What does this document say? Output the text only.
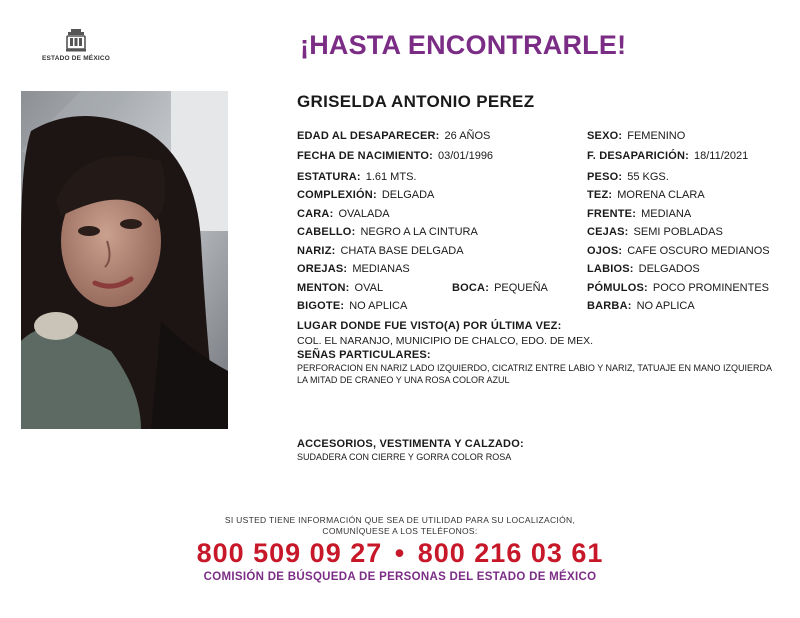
ESTADO DE MÉXICO	¡HASTA ENCONTRARLE!
GRISELDA ANTONIO PEREZ
EDAD AL DESAPARECER: 26 AÑOS	SEXO: FEMENINO
FECHA DE NACIMIENTO: 03/01/1996	F. DESAPARICIÓN: 18/11/2021
ESTATURA: 1.61 MTS.	PESO: 55 KGS.
COMPLEXIÓN: DELGADA	TEZ: MORENA CLARA
CARA: OVALADA	FRENTE: MEDIANA
CABELLO: NEGRO A LA CINTURA	CEJAS: SEMI POBLADAS
NARIZ: CHATA BASE DELGADA	OJOS: CAFE OSCURO MEDIANOS
OREJAS: MEDIANAS	LABIOS: DELGADOS
MENTON: OVAL	BOCA: PEQUEÑA	PÓMULOS: POCO PROMINENTES
BIGOTE: NO APLICA	BARBA: NO APLICA
LUGAR DONDE FUE VISTO(A) POR ÚLTIMA VEZ:
COL. EL NARANJO, MUNICIPIO DE CHALCO, EDO. DE MEX.
SEÑAS PARTICULARES:
PERFORACION EN NARIZ LADO IZQUIERDO, CICATRIZ ENTRE LABIO Y NARIZ, TATUAJE EN MANO IZQUIERDA
LA MITAD DE CRANEO Y UNA ROSA COLOR AZUL
ACCESORIOS, VESTIMENTA Y CALZADO:
SUDADERA CON CIERRE Y GORRA COLOR ROSA
SI USTED TIENE INFORMACIÓN QUE SEA DE UTILIDAD PARA SU LOCALIZACIÓN,
COMUNÍQUESE A LOS TELÉFONOS:
800 509 09 27 • 800 216 03 61
COMISIÓN DE BÚSQUEDA DE PERSONAS DEL ESTADO DE MÉXICO
